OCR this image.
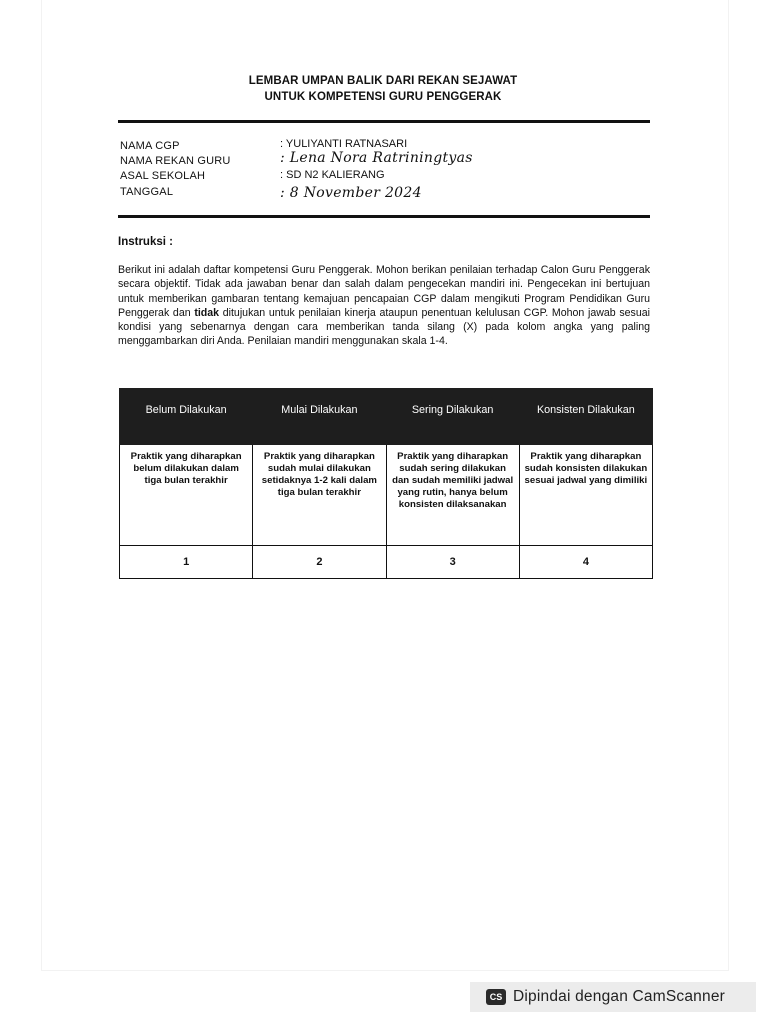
LEMBAR UMPAN BALIK DARI REKAN SEJAWAT
UNTUK KOMPETENSI GURU PENGGERAK
NAMA CGP	: YULIYANTI RATNASARI
NAMA REKAN GURU	: Lena Nora Ratriningtyas
ASAL SEKOLAH	: SD N2 KALIERANG
TANGGAL	: 8 November 2024
Instruksi :
Berikut ini adalah daftar kompetensi Guru Penggerak. Mohon berikan penilaian terhadap Calon Guru Penggerak secara objektif. Tidak ada jawaban benar dan salah dalam pengecekan mandiri ini. Pengecekan ini bertujuan untuk memberikan gambaran tentang kemajuan pencapaian CGP dalam mengikuti Program Pendidikan Guru Penggerak dan tidak ditujukan untuk penilaian kinerja ataupun penentuan kelulusan CGP. Mohon jawab sesuai kondisi yang sebenarnya dengan cara memberikan tanda silang (X) pada kolom angka yang paling menggambarkan diri Anda. Penilaian mandiri menggunakan skala 1-4.
Belum Dilakukan	Mulai Dilakukan	Sering Dilakukan	Konsisten Dilakukan
Praktik yang diharapkan belum dilakukan dalam tiga bulan terakhir	Praktik yang diharapkan sudah mulai dilakukan setidaknya 1-2 kali dalam tiga bulan terakhir	Praktik yang diharapkan sudah sering dilakukan dan sudah memiliki jadwal yang rutin, hanya belum konsisten dilaksanakan	Praktik yang diharapkan sudah konsisten dilakukan sesuai jadwal yang dimiliki
1	2	3	4
CS Dipindai dengan CamScanner
